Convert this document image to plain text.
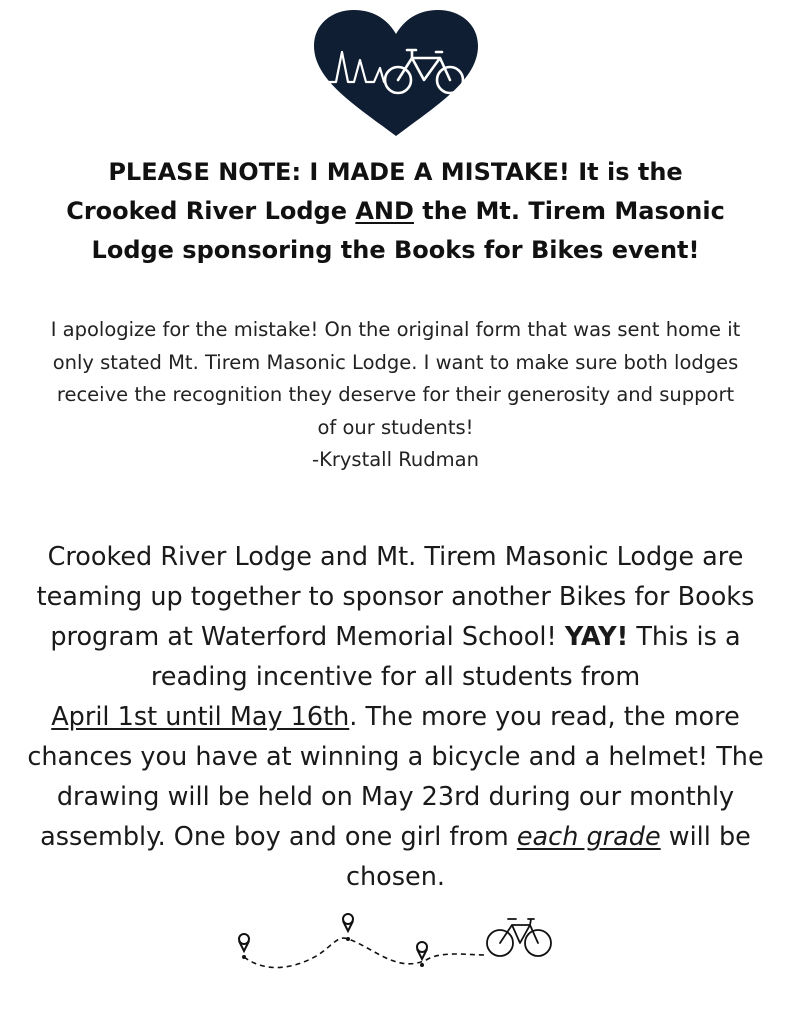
PLEASE NOTE: I MADE A MISTAKE! It is the
Crooked River Lodge AND the Mt. Tirem Masonic
Lodge sponsoring the Books for Bikes event!

I apologize for the mistake! On the original form that was sent home it
only stated Mt. Tirem Masonic Lodge. I want to make sure both lodges
receive the recognition they deserve for their generosity and support
of our students!
-Krystall Rudman

Crooked River Lodge and Mt. Tirem Masonic Lodge are
teaming up together to sponsor another Bikes for Books
program at Waterford Memorial School! YAY! This is a
reading incentive for all students from
April 1st until May 16th. The more you read, the more
chances you have at winning a bicycle and a helmet! The
drawing will be held on May 23rd during our monthly
assembly. One boy and one girl from each grade will be
chosen.
